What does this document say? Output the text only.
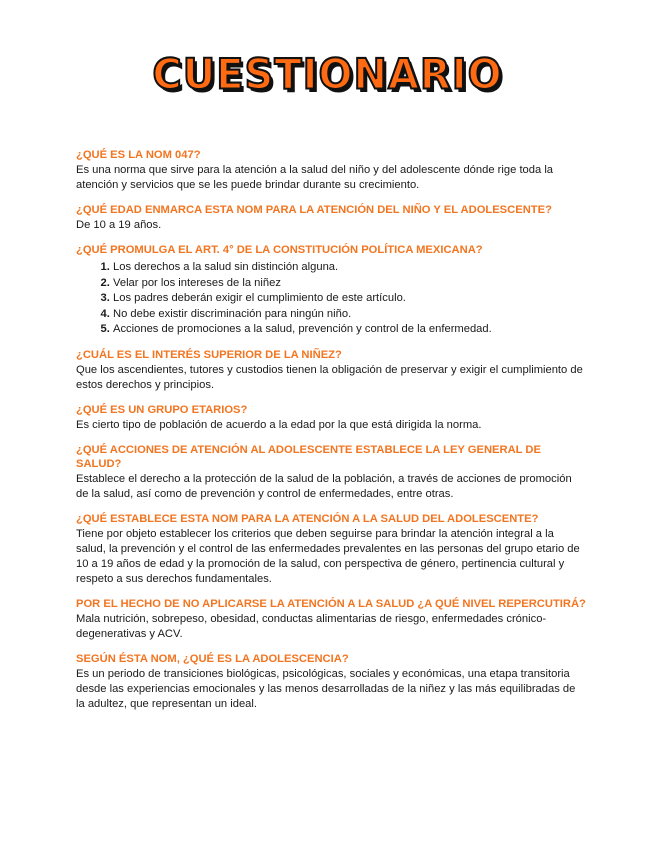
CUESTIONARIO

¿QUÉ ES LA NOM 047?

Es una norma que sirve para la atención a la salud del niño y del adolescente dónde rige toda la atención y servicios que se les puede brindar durante su crecimiento.

¿QUÉ EDAD ENMARCA ESTA NOM PARA LA ATENCIÓN DEL NIÑO Y EL ADOLESCENTE?

De 10 a 19 años.

¿QUÉ PROMULGA EL ART. 4° DE LA CONSTITUCIÓN POLÍTICA MEXICANA?

1. Los derechos a la salud sin distinción alguna.
2. Velar por los intereses de la niñez
3. Los padres deberán exigir el cumplimiento de este artículo.
4. No debe existir discriminación para ningún niño.
5. Acciones de promociones a la salud, prevención y control de la enfermedad.

¿CUÁL ES EL INTERÉS SUPERIOR DE LA NIÑEZ?

Que los ascendientes, tutores y custodios tienen la obligación de preservar y exigir el cumplimiento de estos derechos y principios.

¿QUÉ ES UN GRUPO ETARIOS?

Es cierto tipo de población de acuerdo a la edad por la que está dirigida la norma.

¿QUÉ ACCIONES DE ATENCIÓN AL ADOLESCENTE ESTABLECE LA LEY GENERAL DE SALUD?

Establece el derecho a la protección de la salud de la población, a través de acciones de promoción de la salud, así como de prevención y control de enfermedades, entre otras.

¿QUÉ ESTABLECE ESTA NOM PARA LA ATENCIÓN A LA SALUD DEL ADOLESCENTE?

Tiene por objeto establecer los criterios que deben seguirse para brindar la atención integral a la salud, la prevención y el control de las enfermedades prevalentes en las personas del grupo etario de 10 a 19 años de edad y la promoción de la salud, con perspectiva de género, pertinencia cultural y respeto a sus derechos fundamentales.

POR EL HECHO DE NO APLICARSE LA ATENCIÓN A LA SALUD ¿A QUÉ NIVEL REPERCUTIRÁ?

Mala nutrición, sobrepeso, obesidad, conductas alimentarias de riesgo, enfermedades crónico-degenerativas y ACV.

SEGÚN ÉSTA NOM, ¿QUÉ ES LA ADOLESCENCIA?

Es un periodo de transiciones biológicas, psicológicas, sociales y económicas, una etapa transitoria desde las experiencias emocionales y las menos desarrolladas de la niñez y las más equilibradas de la adultez, que representan un ideal.
